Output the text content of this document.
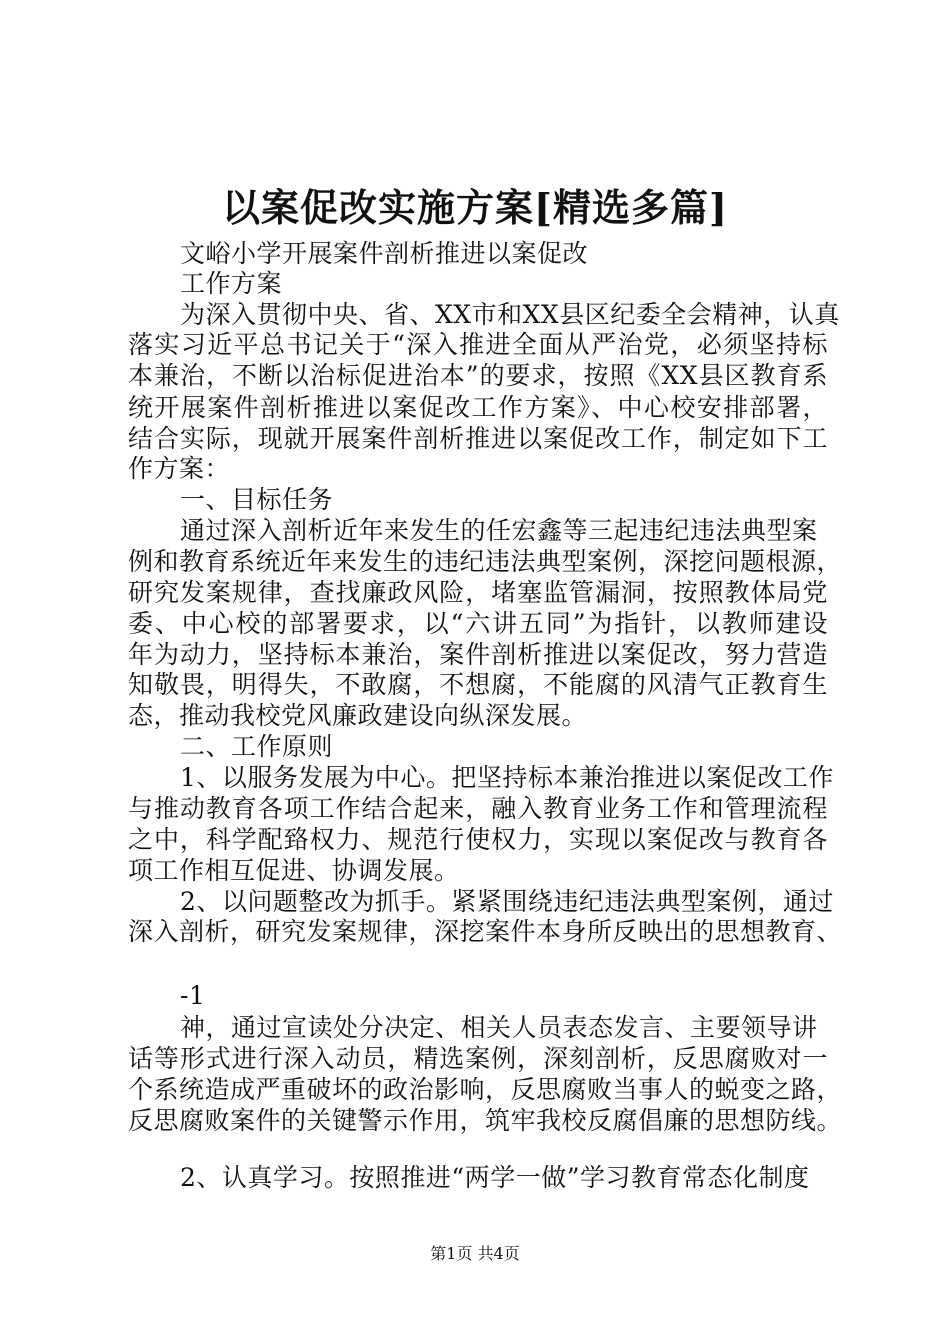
以案促改实施方案[精选多篇]
文峪小学开展案件剖析推进以案促改
工作方案
为深入贯彻中央、省、XX市和XX县区纪委全会精神，认真
落实习近平总书记关于“深入推进全面从严治党，必须坚持标
本兼治，不断以治标促进治本”的要求，按照《XX县区教育系
统开展案件剖析推进以案促改工作方案》、中心校安排部署，
结合实际，现就开展案件剖析推进以案促改工作，制定如下工
作方案：
一、目标任务
通过深入剖析近年来发生的任宏鑫等三起违纪违法典型案
例和教育系统近年来发生的违纪违法典型案例，深挖问题根源，
研究发案规律，查找廉政风险，堵塞监管漏洞，按照教体局党
委、中心校的部署要求，以“六讲五同”为指针，以教师建设
年为动力，坚持标本兼治，案件剖析推进以案促改，努力营造
知敬畏，明得失，不敢腐，不想腐，不能腐的风清气正教育生
态，推动我校党风廉政建设向纵深发展。
二、工作原则
1、以服务发展为中心。把坚持标本兼治推进以案促改工作
与推动教育各项工作结合起来，融入教育业务工作和管理流程
之中，科学配臵权力、规范行使权力，实现以案促改与教育各
项工作相互促进、协调发展。
2、以问题整改为抓手。紧紧围绕违纪违法典型案例，通过
深入剖析，研究发案规律，深挖案件本身所反映出的思想教育、
-1
神，通过宣读处分决定、相关人员表态发言、主要领导讲
话等形式进行深入动员，精选案例，深刻剖析，反思腐败对一
个系统造成严重破坏的政治影响，反思腐败当事人的蜕变之路，
反思腐败案件的关键警示作用，筑牢我校反腐倡廉的思想防线。
2、认真学习。按照推进“两学一做”学习教育常态化制度
第1页 共4页
